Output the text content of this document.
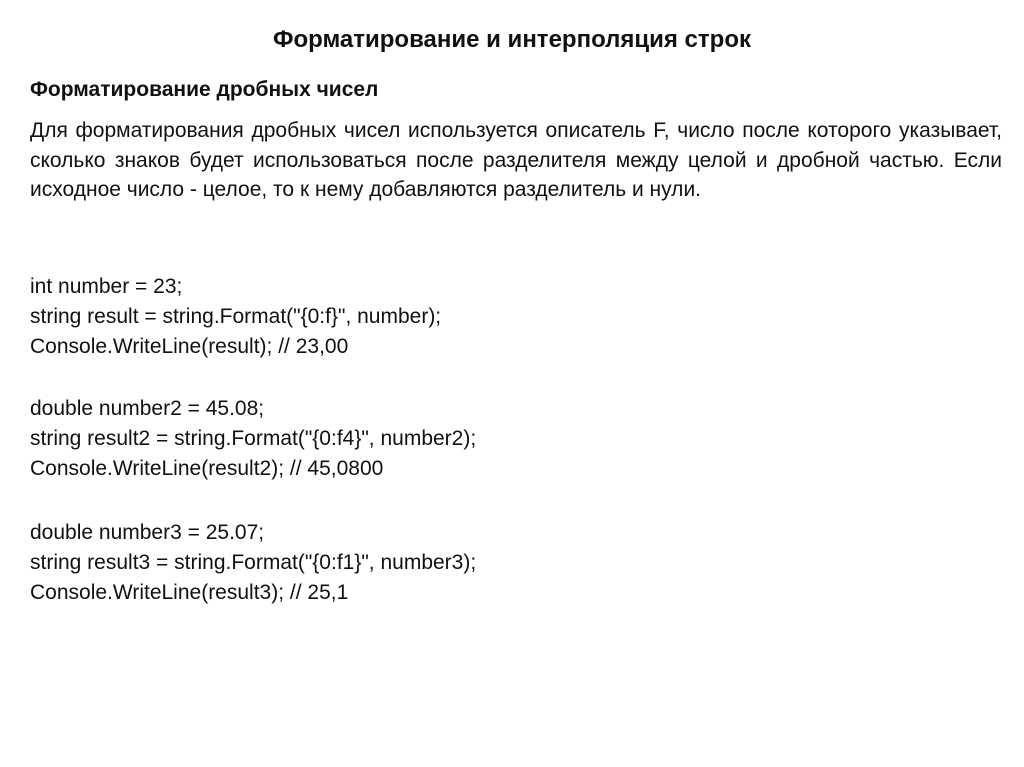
Форматирование и интерполяция строк
Форматирование дробных чисел
Для форматирования дробных чисел используется описатель F, число после которого указывает, сколько знаков будет использоваться после разделителя между целой и дробной частью. Если исходное число - целое, то к нему добавляются разделитель и нули.
int number = 23;
string result = string.Format("{0:f}", number);
Console.WriteLine(result); // 23,00
double number2 = 45.08;
string result2 = string.Format("{0:f4}", number2);
Console.WriteLine(result2); // 45,0800
double number3 = 25.07;
string result3 = string.Format("{0:f1}", number3);
Console.WriteLine(result3); // 25,1
